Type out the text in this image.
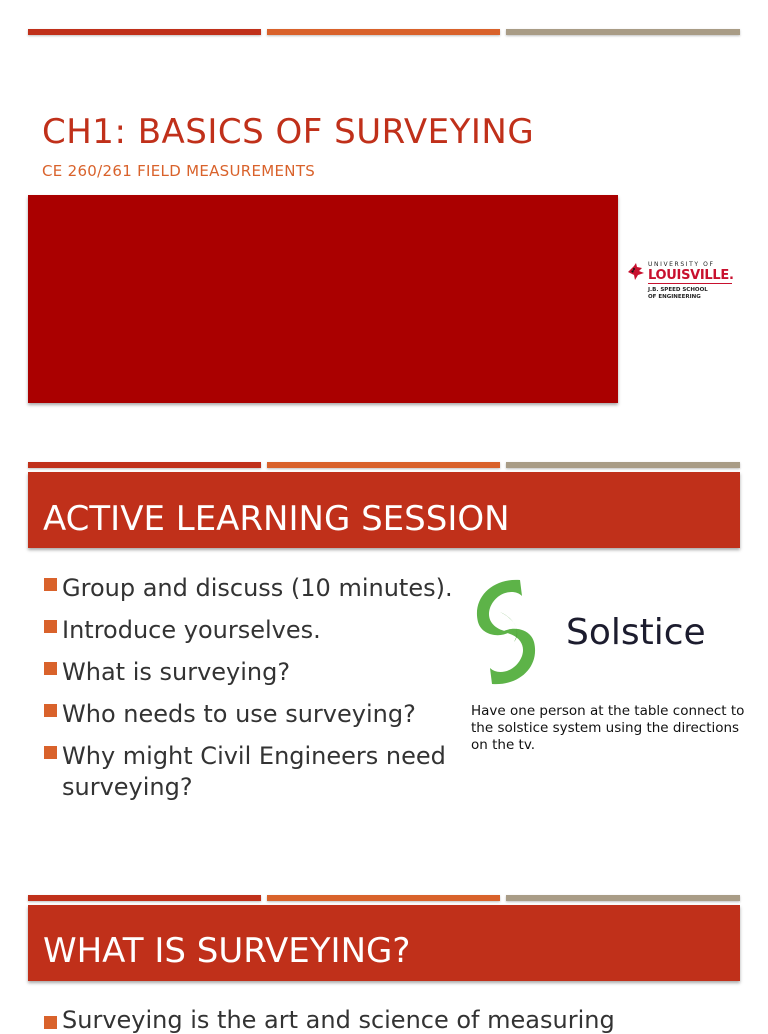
CH1: BASICS OF SURVEYING
CE 260/261 FIELD MEASUREMENTS
UNIVERSITY OF
LOUISVILLE.
J.B. SPEED SCHOOL
OF ENGINEERING
ACTIVE LEARNING SESSION
Group and discuss (10 minutes).
Introduce yourselves.
What is surveying?
Who needs to use surveying?
Why might Civil Engineers need surveying?
Solstice
Have one person at the table connect to the solstice system using the directions on the tv.
WHAT IS SURVEYING?
Surveying is the art and science of measuring
